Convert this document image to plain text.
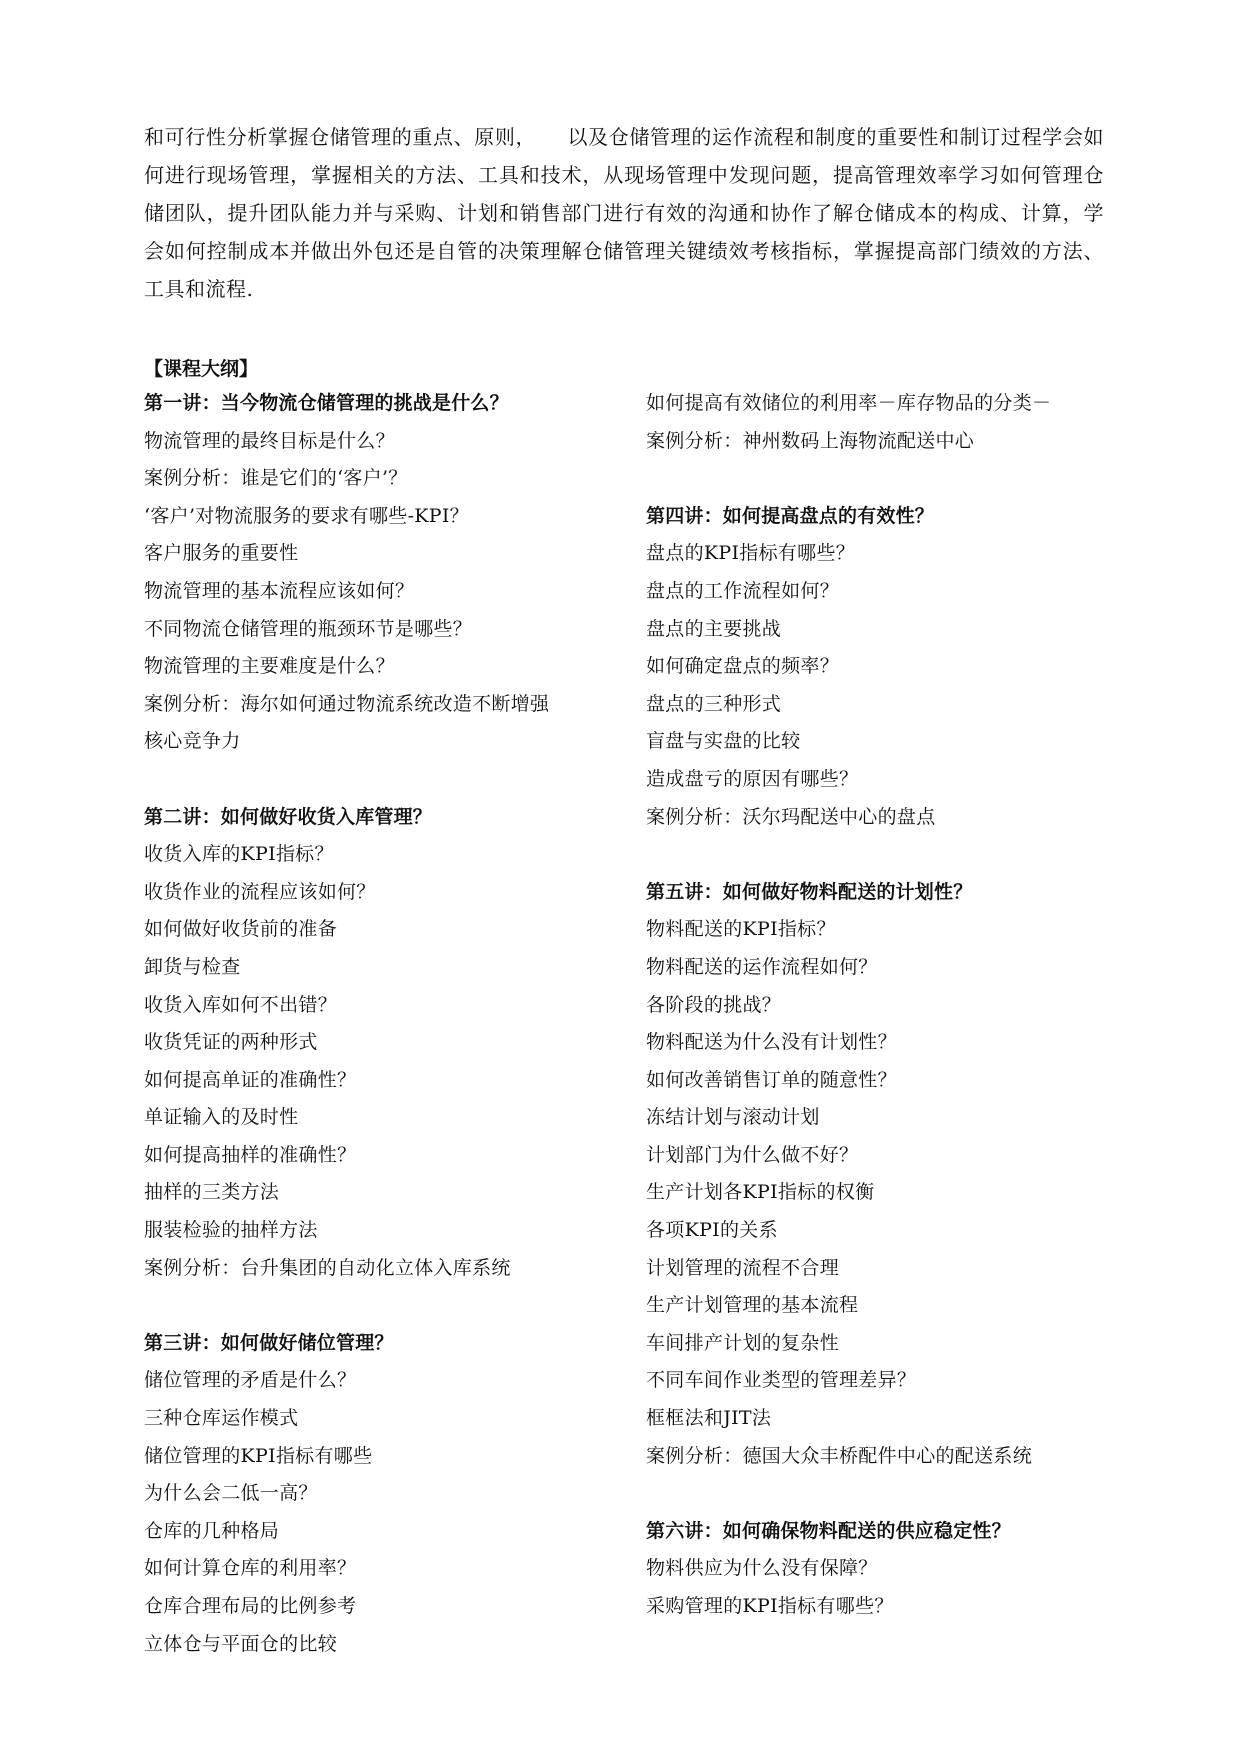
和可行性分析掌握仓储管理的重点、原则，　　以及仓储管理的运作流程和制度的重要性和制订过程学会如何进行现场管理，掌握相关的方法、工具和技术，从现场管理中发现问题，提高管理效率学习如何管理仓储团队，提升团队能力并与采购、计划和销售部门进行有效的沟通和协作了解仓储成本的构成、计算，学会如何控制成本并做出外包还是自管的决策理解仓储管理关键绩效考核指标，掌握提高部门绩效的方法、工具和流程.

【课程大纲】

第一讲：当今物流仓储管理的挑战是什么？
物流管理的最终目标是什么？
案例分析：谁是它们的‘客户’？
‘客户’对物流服务的要求有哪些-KPI？
客户服务的重要性
物流管理的基本流程应该如何？
不同物流仓储管理的瓶颈环节是哪些？
物流管理的主要难度是什么？
案例分析：海尔如何通过物流系统改造不断增强
核心竞争力
第二讲：如何做好收货入库管理？
收货入库的KPI指标？
收货作业的流程应该如何？
如何做好收货前的准备
卸货与检查
收货入库如何不出错？
收货凭证的两种形式
如何提高单证的准确性？
单证输入的及时性
如何提高抽样的准确性？
抽样的三类方法
服装检验的抽样方法
案例分析：台升集团的自动化立体入库系统
第三讲：如何做好储位管理？
储位管理的矛盾是什么？
三种仓库运作模式
储位管理的KPI指标有哪些
为什么会二低一高？
仓库的几种格局
如何计算仓库的利用率？
仓库合理布局的比例参考
立体仓与平面仓的比较
如何提高有效储位的利用率－库存物品的分类－
案例分析：神州数码上海物流配送中心
第四讲：如何提高盘点的有效性？
盘点的KPI指标有哪些？
盘点的工作流程如何？
盘点的主要挑战
如何确定盘点的频率？
盘点的三种形式
盲盘与实盘的比较
造成盘亏的原因有哪些？
案例分析：沃尔玛配送中心的盘点
第五讲：如何做好物料配送的计划性？
物料配送的KPI指标？
物料配送的运作流程如何？
各阶段的挑战？
物料配送为什么没有计划性？
如何改善销售订单的随意性？
冻结计划与滚动计划
计划部门为什么做不好？
生产计划各KPI指标的权衡
各项KPI的关系
计划管理的流程不合理
生产计划管理的基本流程
车间排产计划的复杂性
不同车间作业类型的管理差异？
框框法和JIT法
案例分析：德国大众丰桥配件中心的配送系统
第六讲：如何确保物料配送的供应稳定性？
物料供应为什么没有保障？
采购管理的KPI指标有哪些？
